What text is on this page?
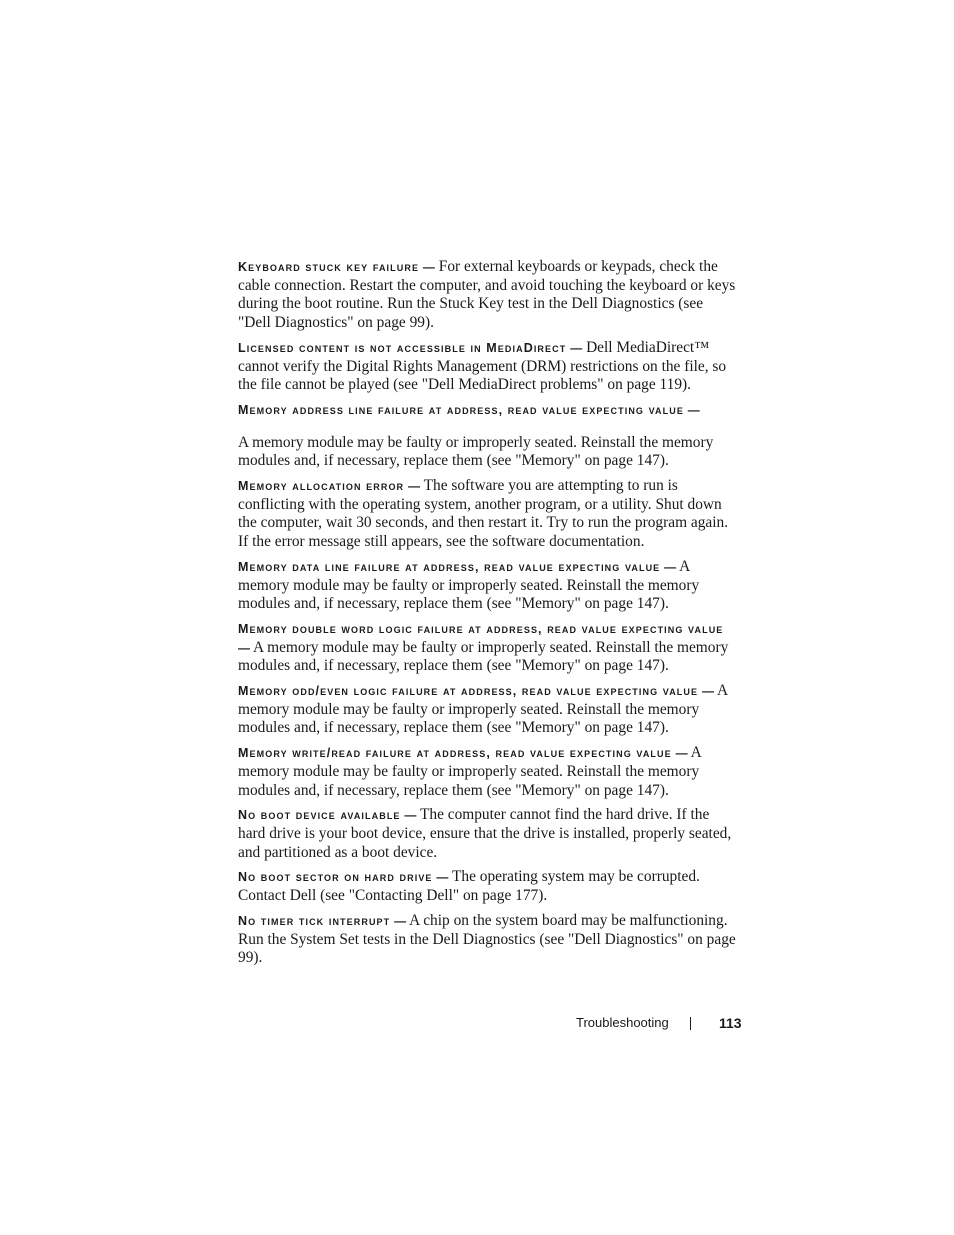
Keyboard stuck key failure — For external keyboards or keypads, check the cable connection. Restart the computer, and avoid touching the keyboard or keys during the boot routine. Run the Stuck Key test in the Dell Diagnostics (see "Dell Diagnostics" on page 99).

Licensed content is not accessible in MediaDirect — Dell MediaDirect™ cannot verify the Digital Rights Management (DRM) restrictions on the file, so the file cannot be played (see "Dell MediaDirect problems" on page 119).

Memory address line failure at address, read value expecting value —

A memory module may be faulty or improperly seated. Reinstall the memory modules and, if necessary, replace them (see "Memory" on page 147).

Memory allocation error — The software you are attempting to run is conflicting with the operating system, another program, or a utility. Shut down the computer, wait 30 seconds, and then restart it. Try to run the program again. If the error message still appears, see the software documentation.

Memory data line failure at address, read value expecting value — A memory module may be faulty or improperly seated. Reinstall the memory modules and, if necessary, replace them (see "Memory" on page 147).

Memory double word logic failure at address, read value expecting value — A memory module may be faulty or improperly seated. Reinstall the memory modules and, if necessary, replace them (see "Memory" on page 147).

Memory odd/even logic failure at address, read value expecting value — A memory module may be faulty or improperly seated. Reinstall the memory modules and, if necessary, replace them (see "Memory" on page 147).

Memory write/read failure at address, read value expecting value — A memory module may be faulty or improperly seated. Reinstall the memory modules and, if necessary, replace them (see "Memory" on page 147).

No boot device available — The computer cannot find the hard drive. If the hard drive is your boot device, ensure that the drive is installed, properly seated, and partitioned as a boot device.

No boot sector on hard drive — The operating system may be corrupted. Contact Dell (see "Contacting Dell" on page 177).

No timer tick interrupt — A chip on the system board may be malfunctioning. Run the System Set tests in the Dell Diagnostics (see "Dell Diagnostics" on page 99).

Troubleshooting	113
